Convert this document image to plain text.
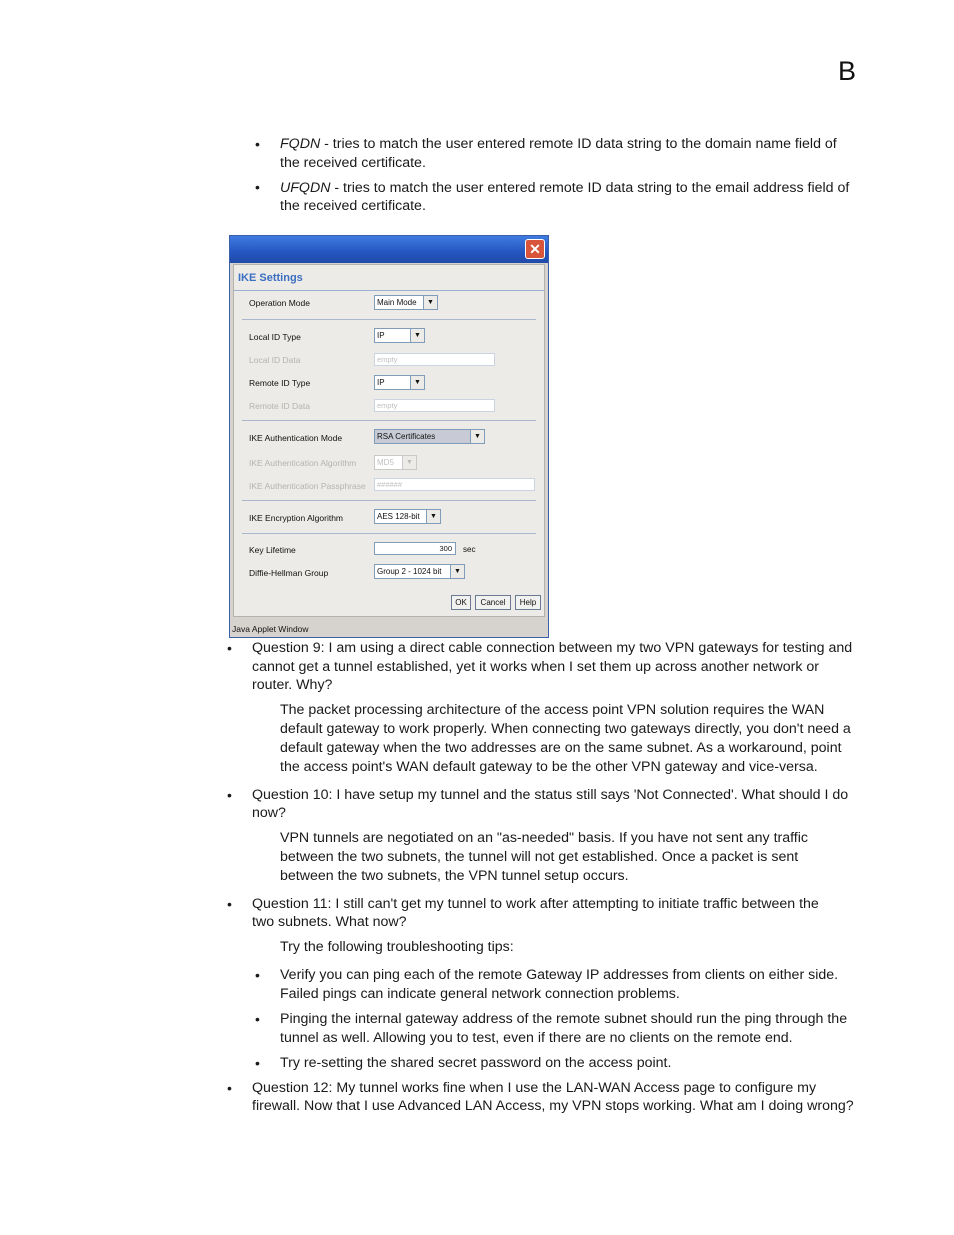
B
• FQDN - tries to match the user entered remote ID data string to the domain name field of
the received certificate.
• UFQDN - tries to match the user entered remote ID data string to the email address field of
the received certificate.
✕
IKE Settings
Operation Mode	Main Mode	▼
Local ID Type	IP	▼
Local ID Data	empty
Remote ID Type	IP	▼
Remote ID Data	empty
IKE Authentication Mode	RSA Certificates	▼
IKE Authentication Algorithm	MD5	▼
IKE Authentication Passphrase	######
IKE Encryption Algorithm	AES 128-bit	▼
Key Lifetime	300	sec
Diffie-Hellman Group	Group 2 - 1024 bit	▼
OK	Cancel	Help
Java Applet Window
• Question 9: I am using a direct cable connection between my two VPN gateways for testing and
cannot get a tunnel established, yet it works when I set them up across another network or
router. Why?
The packet processing architecture of the access point VPN solution requires the WAN
default gateway to work properly. When connecting two gateways directly, you don't need a
default gateway when the two addresses are on the same subnet. As a workaround, point
the access point's WAN default gateway to be the other VPN gateway and vice-versa.
• Question 10: I have setup my tunnel and the status still says 'Not Connected'. What should I do
now?
VPN tunnels are negotiated on an "as-needed" basis. If you have not sent any traffic
between the two subnets, the tunnel will not get established. Once a packet is sent
between the two subnets, the VPN tunnel setup occurs.
• Question 11: I still can't get my tunnel to work after attempting to initiate traffic between the
two subnets. What now?
Try the following troubleshooting tips:
• Verify you can ping each of the remote Gateway IP addresses from clients on either side.
Failed pings can indicate general network connection problems.
• Pinging the internal gateway address of the remote subnet should run the ping through the
tunnel as well. Allowing you to test, even if there are no clients on the remote end.
• Try re-setting the shared secret password on the access point.
• Question 12: My tunnel works fine when I use the LAN-WAN Access page to configure my
firewall. Now that I use Advanced LAN Access, my VPN stops working. What am I doing wrong?
